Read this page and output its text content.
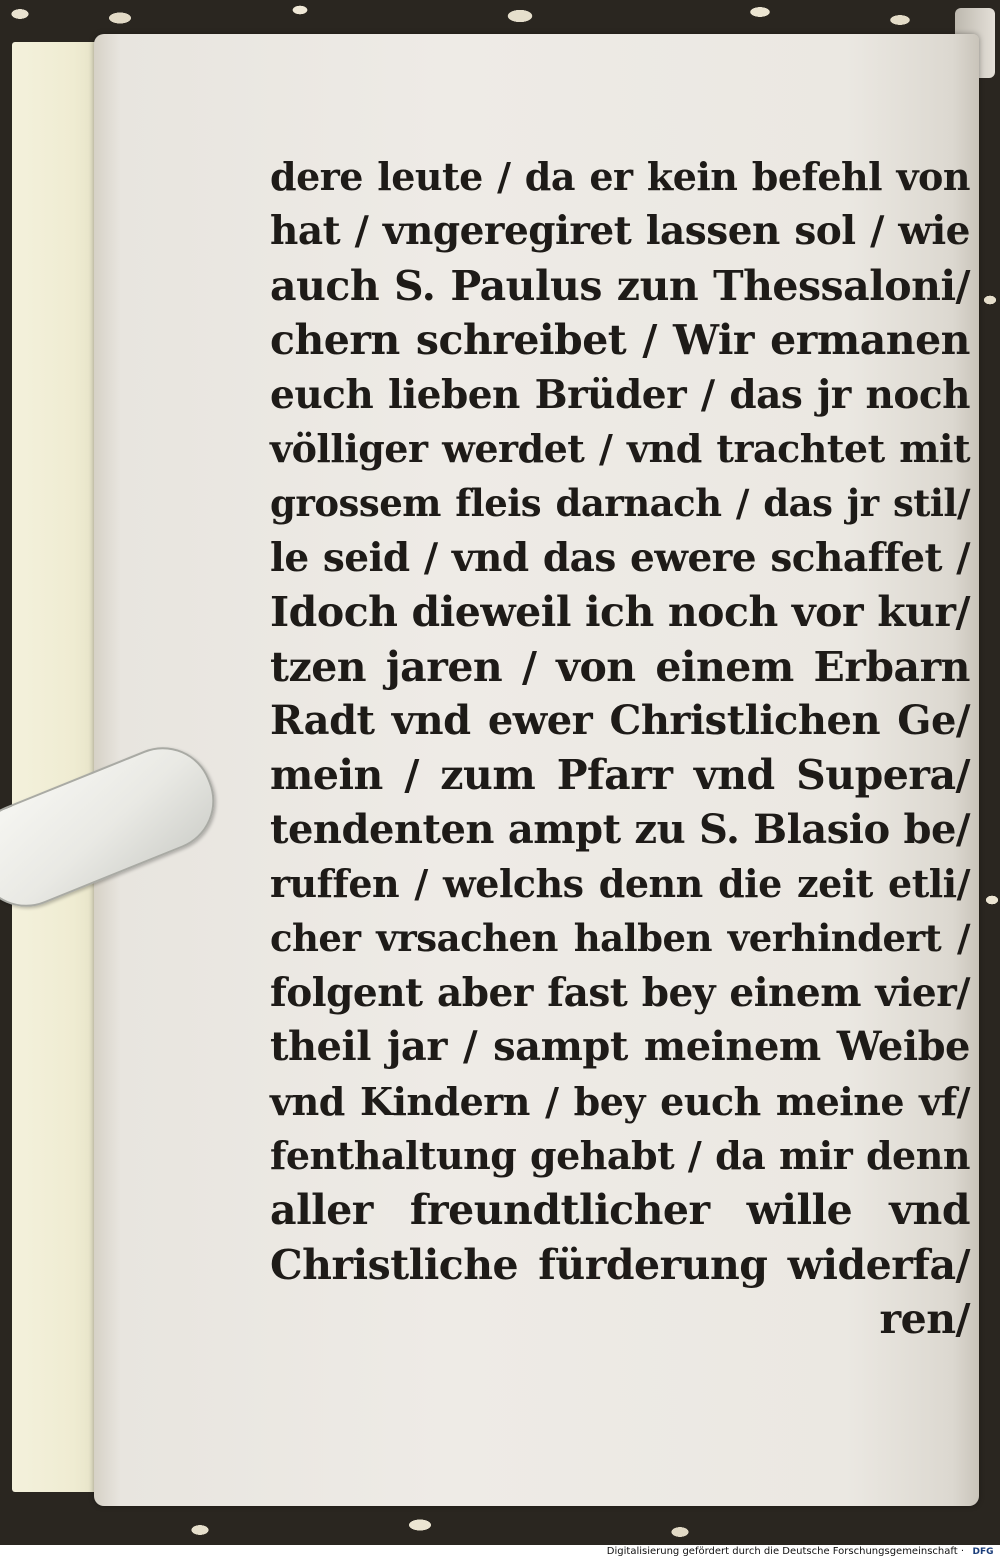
dere leute / da er kein befehl von
hat / vngeregiret lassen sol / wie
auch S. Paulus zun Thessaloni/
chern schreibet / Wir ermanen
euch lieben Brüder / das jr noch
völliger werdet / vnd trachtet mit
grossem fleis darnach / das jr stil/
le seid / vnd das ewere schaffet /
Idoch dieweil ich noch vor kur/
tzen jaren / von einem Erbarn
Radt vnd ewer Christlichen Ge/
mein / zum Pfarr vnd Supera/
tendenten ampt zu S. Blasio be/
ruffen / welchs denn die zeit etli/
cher vrsachen halben verhindert /
folgent aber fast bey einem vier/
theil jar / sampt meinem Weibe
vnd Kindern / bey euch meine vf/
fenthaltung gehabt / da mir denn
aller freundtlicher wille vnd
Christliche fürderung widerfa/
ren/
Digitalisierung gefördert durch die Deutsche Forschungsgemeinschaft · DFG
